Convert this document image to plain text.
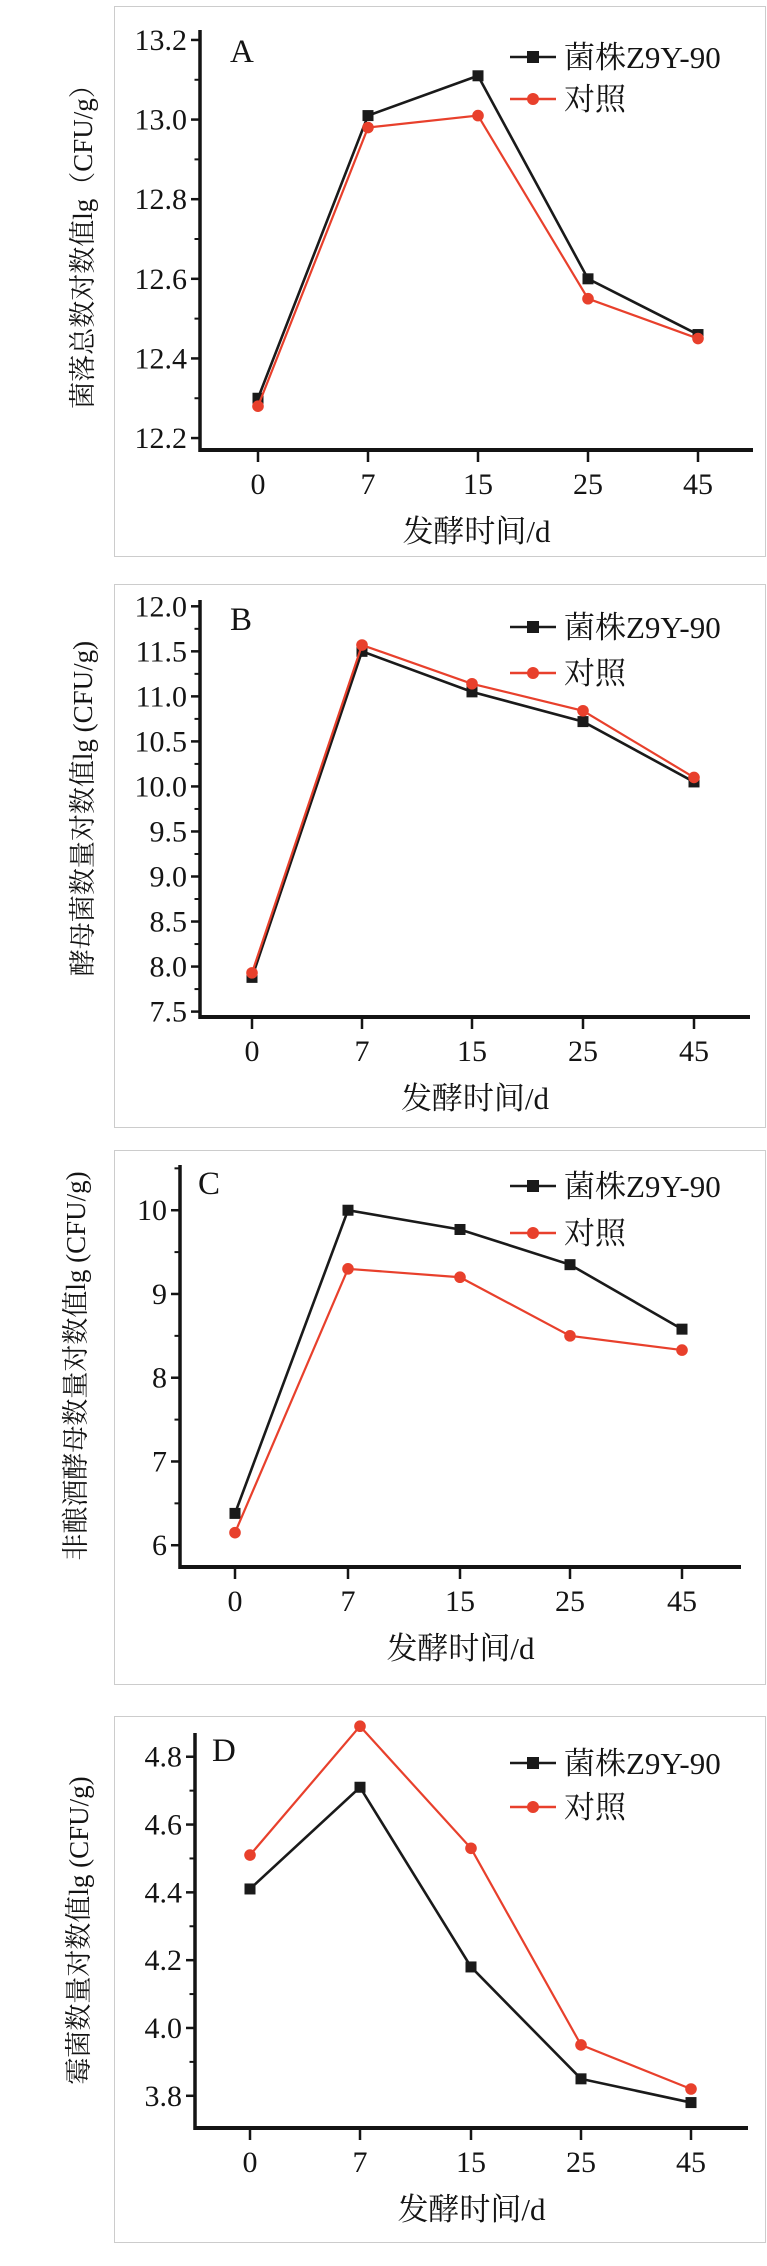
13.2
13.0
12.8
12.6
12.4
12.2
0	7	15	25	45
发酵时间/d
菌落总数对数值lg（CFU/g）
A	菌株Z9Y-90
对照
12.0
11.5
11.0
10.5
10.0
9.5
9.0
8.5
8.0
7.5
0	7	15	25	45
发酵时间/d
酵母菌数量对数值lg (CFU/g)
B	菌株Z9Y-90
对照
10
9
8
7
6
0	7	15	25	45
发酵时间/d
非酿酒酵母数量对数值lg (CFU/g)	C	菌株Z9Y-90
对照
4.8
4.6
4.4
4.2
4.0
3.8
0	7	15	25	45
发酵时间/d
霉菌数量对数值lg (CFU/g)
D	菌株Z9Y-90
对照
